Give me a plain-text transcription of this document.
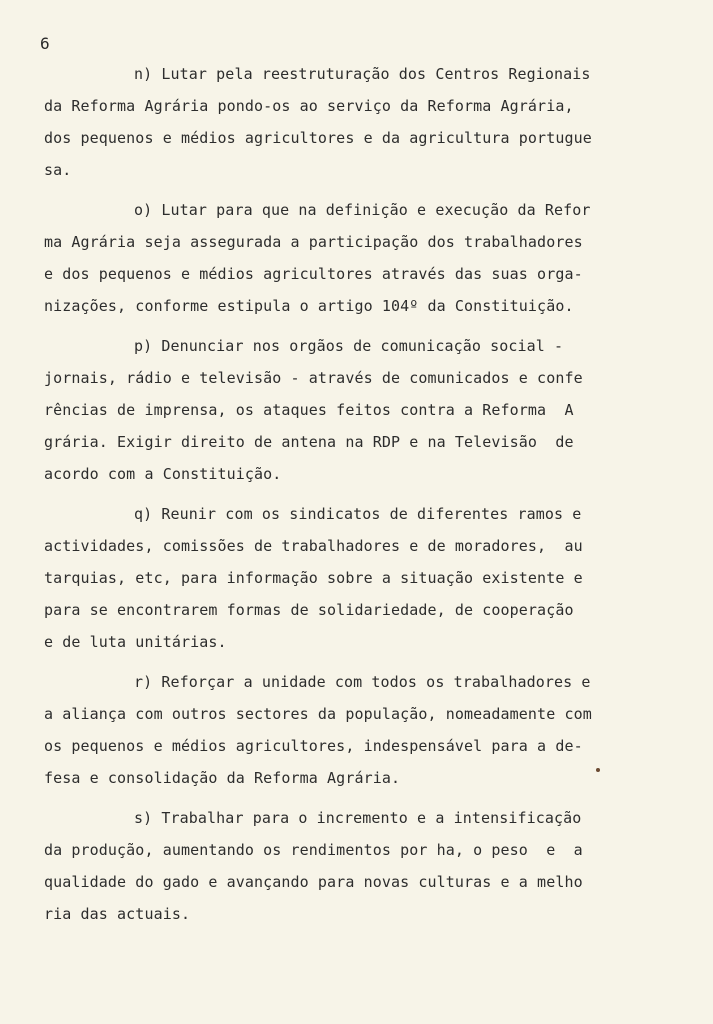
6
n) Lutar pela reestruturação dos Centros Regionais
da Reforma Agrária pondo-os ao serviço da Reforma Agrária,
dos pequenos e médios agricultores e da agricultura portugue
sa.
o) Lutar para que na definição e execução da Refor
ma Agrária seja assegurada a participação dos trabalhadores
e dos pequenos e médios agricultores através das suas orga-
nizações, conforme estipula o artigo 104º da Constituição.
p) Denunciar nos orgãos de comunicação social -
jornais, rádio e televisão - através de comunicados e confe
rências de imprensa, os ataques feitos contra a Reforma  A
grária. Exigir direito de antena na RDP e na Televisão  de
acordo com a Constituição.
q) Reunir com os sindicatos de diferentes ramos e
actividades, comissões de trabalhadores e de moradores,  au
tarquias, etc, para informação sobre a situação existente e
para se encontrarem formas de solidariedade, de cooperação
e de luta unitárias.
r) Reforçar a unidade com todos os trabalhadores e
a aliança com outros sectores da população, nomeadamente com
os pequenos e médios agricultores, indespensável para a de-
fesa e consolidação da Reforma Agrária.
s) Trabalhar para o incremento e a intensificação
da produção, aumentando os rendimentos por ha, o peso  e  a
qualidade do gado e avançando para novas culturas e a melho
ria das actuais.
